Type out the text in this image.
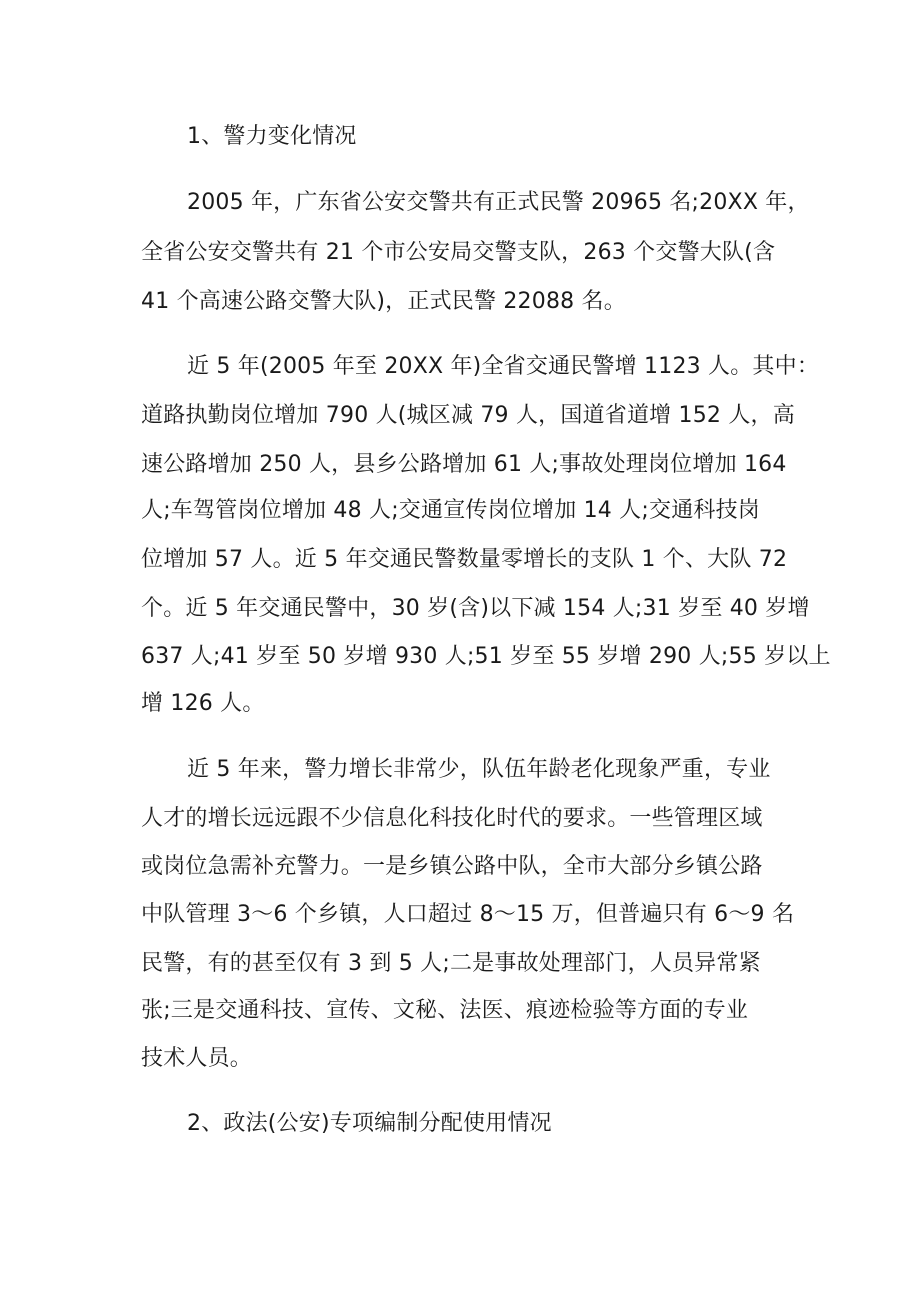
1、警力变化情况
2005 年，广东省公安交警共有正式民警 20965 名;20XX 年，
全省公安交警共有 21 个市公安局交警支队，263 个交警大队(含
41 个高速公路交警大队)，正式民警 22088 名。
近 5 年(2005 年至 20XX 年)全省交通民警增 1123 人。其中：
道路执勤岗位增加 790 人(城区减 79 人，国道省道增 152 人，高
速公路增加 250 人，县乡公路增加 61 人;事故处理岗位增加 164
人;车驾管岗位增加 48 人;交通宣传岗位增加 14 人;交通科技岗
位增加 57 人。近 5 年交通民警数量零增长的支队 1 个、大队 72
个。近 5 年交通民警中，30 岁(含)以下减 154 人;31 岁至 40 岁增
637 人;41 岁至 50 岁增 930 人;51 岁至 55 岁增 290 人;55 岁以上
增 126 人。
近 5 年来，警力增长非常少，队伍年龄老化现象严重，专业
人才的增长远远跟不少信息化科技化时代的要求。一些管理区域
或岗位急需补充警力。一是乡镇公路中队，全市大部分乡镇公路
中队管理 3～6 个乡镇，人口超过 8～15 万，但普遍只有 6～9 名
民警，有的甚至仅有 3 到 5 人;二是事故处理部门，人员异常紧
张;三是交通科技、宣传、文秘、法医、痕迹检验等方面的专业
技术人员。
2、政法(公安)专项编制分配使用情况
